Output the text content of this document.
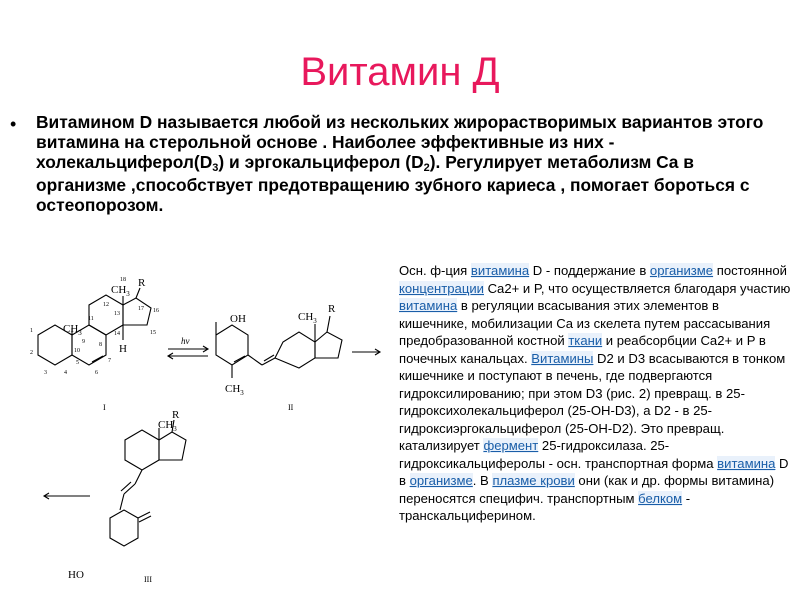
Витамин Д
• Витамином D называется любой из нескольких жирорастворимых вариантов этого витамина на стерольной основе . Наиболее эффективные из них - $холекальциферол(D_3)$ и эргокальциферол $(D_2)$. Регулирует метаболизм Ca в организме ,способствует предотвращению зубного кариеса , помогает бороться с остеопорозом.
$CH_3$
$CH_3$
R
H
18
1
2
3	4
5
6
7
8
9
10
11
12
13
14	15
16
17
I
hv
OH
$CH_3$
$CH_3$
R
II
$CH_3$
R
HO	III
Осн. ф-ция витамина D - поддержание в организме постоянной концентрации Ca2+ и P, что осуществляется благодаря участию витамина в регуляции всасывания этих элементов в кишечнике, мобилизации Ca из скелета путем рассасывания предобразованной костной ткани и реабсорбции Ca2+ и P в почечных канальцах. Витамины D2 и D3 всасываются в тонком кишечнике и поступают в печень, где подвергаются гидроксилированию; при этом D3 (рис. 2) превращ. в 25-гидроксихолекальциферол (25-ОН-D3), а D2 - в 25-гидроксиэргокальциферол (25-ОН-D2). Это превращ. катализирует фермент 25-гидроксилаза. 25-гидроксикальциферолы - осн. транспортная форма витамина D в организме. В плазме крови они (как и др. формы витамина) переносятся специфич. транспортным белком - транскальциферином.
